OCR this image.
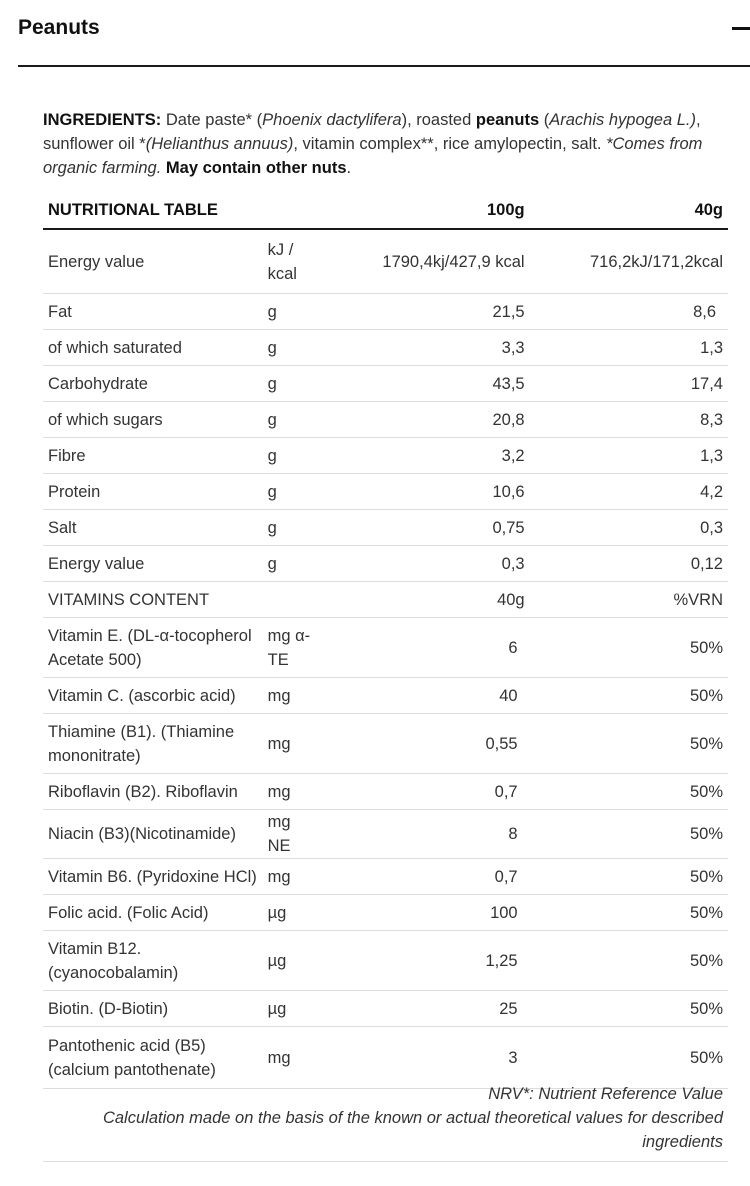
Peanuts

INGREDIENTS: Date paste* (Phoenix dactylifera), roasted peanuts (Arachis hypogea L.), sunflower oil *(Helianthus annuus), vitamin complex**, rice amylopectin, salt. *Comes from organic farming. May contain other nuts.

NUTRITIONAL TABLE		100g	40g
Energy value	kJ / kcal	1790,4kj/427,9 kcal	716,2kJ/171,2kcal
Fat	g	21,5	8,6
of which saturated	g	3,3	1,3
Carbohydrate	g	43,5	17,4
of which sugars	g	20,8	8,3
Fibre	g	3,2	1,3
Protein	g	10,6	4,2
Salt	g	0,75	0,3
Energy value	g	0,3	0,12
VITAMINS CONTENT		40g	%VRN
Vitamin E. (DL-α-tocopherol Acetate 500)	mg α-TE	6	50%
Vitamin C. (ascorbic acid)	mg	40	50%
Thiamine (B1). (Thiamine mononitrate)	mg	0,55	50%
Riboflavin (B2). Riboflavin	mg	0,7	50%
Niacin (B3)(Nicotinamide)	mg NE	8	50%
Vitamin B6. (Pyridoxine HCl)	mg	0,7	50%
Folic acid. (Folic Acid)	µg	100	50%
Vitamin B12. (cyanocobalamin)	µg	1,25	50%
Biotin. (D-Biotin)	µg	25	50%
Pantothenic acid (B5) (calcium pantothenate)	mg	3	50%
NRV*: Nutrient Reference Value
Calculation made on the basis of the known or actual theoretical values for described ingredients
